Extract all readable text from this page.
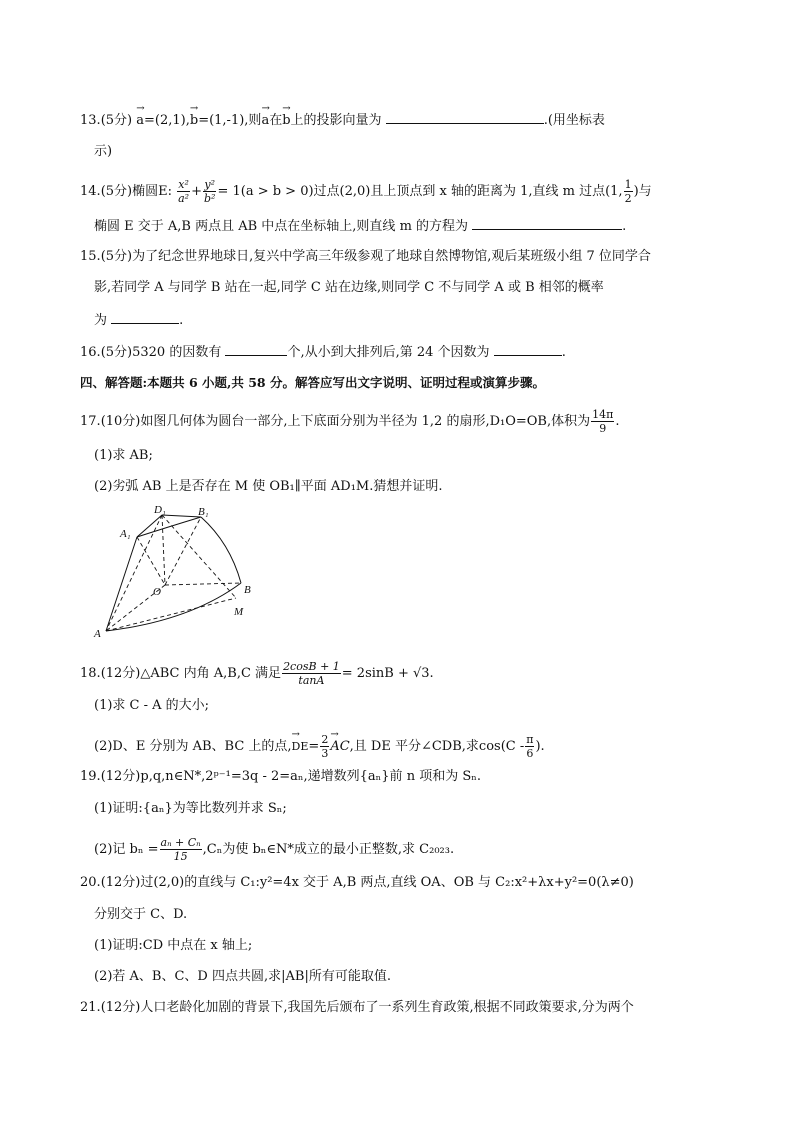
13.(5分) → a=(2,1),→ b=(1,-1),则→ a在→ b上的投影向量为	.(用坐标表
示)
14.(5分)椭圆E: $\frac{\text{x²}}{\text{a²}} + \frac{\text{y²}}{\text{b²}} = 1(a > b > 0)$过点(2,0)且上顶点到 x 轴的距离为 1,直线 m 过点(1, $\frac{1}{2}$ )与
椭圆 E 交于 A,B 两点且 AB 中点在坐标轴上,则直线 m 的方程为	.
15.(5分)为了纪念世界地球日,复兴中学高三年级参观了地球自然博物馆,观后某班级小组 7 位同学合
影,若同学 A 与同学 B 站在一起,同学 C 站在边缘,则同学 C 不与同学 A 或 B 相邻的概率
为	.
16.(5分)5320 的因数有	个,从小到大排列后,第 24 个因数为	.
四、解答题:本题共 6 小题,共 58 分。解答应写出文字说明、证明过程或演算步骤。
17.(10分)如图几何体为圆台一部分,上下底面分别为半径为 1,2 的扇形,D₁O=OB,体积为 $\frac{14\pi}{9}$ .
(1)求 AB;
(2)劣弧 AB 上是否存在 M 使 OB₁∥平面 AD₁M.猜想并证明.
D₁	B₁
A₁
O	B
M
A
18.(12分)△ABC 内角 A,B,C 满足 $\frac{2\cos B + 1}{\tan A} = 2\sin B + √3$.
(1)求 C - A 的大小;
(2)D、E 分别为 AB、BC 上的点,→ $DE= \frac{2}{3}$ → AC,且 DE 平分∠CDB,求$\cos(C - \frac{\pi}{6}$ ).
19.(12分)p,q,n∈N*,2ᵖ⁻¹=3q - 2=aₙ,递增数列{aₙ}前 n 项和为 Sₙ.
(1)证明:{aₙ}为等比数列并求 Sₙ;
(2)记 $b_n = \frac{\text{aₙ + Cₙ}}{15} ,C_n$为使 bₙ∈N*成立的最小正整数,求 C₂₀₂₃.
20.(12分)过(2,0)的直线与 C₁:y²=4x 交于 A,B 两点,直线 OA、OB 与 C₂:x²+λx+y²=0(λ≠0)
分别交于 C、D.
(1)证明:CD 中点在 x 轴上;
(2)若 A、B、C、D 四点共圆,求|AB|所有可能取值.
21.(12分)人口老龄化加剧的背景下,我国先后颁布了一系列生育政策,根据不同政策要求,分为两个
